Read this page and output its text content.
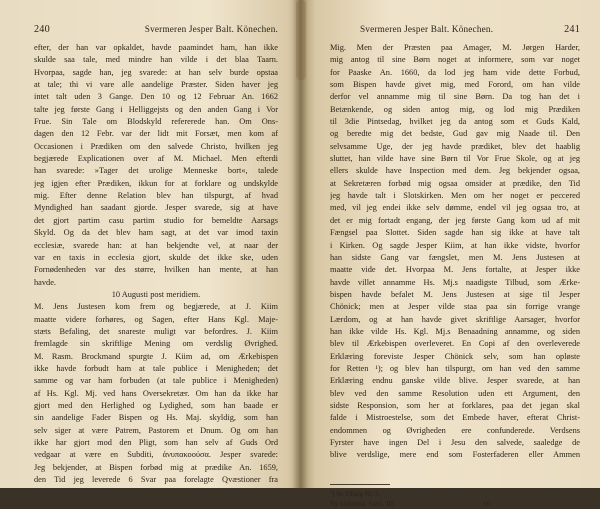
240	Svermeren Jesper Balt. Könechen.
efter, der han var opkaldet, havde paamindet ham, han ikke
skulde saa tale, med mindre han vilde i det blaa Taarn.
Hvorpaa, sagde han, jeg svarede: at han selv burde opstaa
at tale; thi vi vare alle aandelige Præster. Siden haver jeg
intet talt uden 3 Gange. Den 10 og 12 Februar An. 1662
talte jeg første Gang i Helliggejsts og den anden Gang i Vor
Frue. Sin Tale om Blodskyld refererede han. Om Ons-
dagen den 12 Febr. var der lidt mit Forsæt, men kom af
Occasionen i Prædiken om den salvede Christo, hvilken jeg
begjærede Explicationen over af M. Michael. Men efterdi
han svarede: »Tager det urolige Menneske bort«, talede
jeg igjen efter Prædiken, ikkun for at forklare og undskylde
mig. Efter denne Relation blev han tilspurgt, af hvad
Myndighed han saadant gjorde. Jesper svarede, sig at have
det gjort partim casu partim studio for bemeldte Aarsags
Skyld. Og da det blev ham sagt, at det var imod taxin
ecclesiæ, svarede han: at han bekjendte vel, at naar der
var en taxis in ecclesia gjort, skulde det ikke ske, uden
Fornødenheden var des større, hvilken han mente, at han
havde.
10 Augusti post meridiem.
M. Jens Justesen kom frem og begjærede, at J. Kiim
maatte videre forhøres, og Sagen, efter Hans Kgl. Maje-
stæts Befaling, det snareste muligt var befordres. J. Kiim
fremlagde sin skriftlige Mening om verdslig Øvrighed.
M. Rasm. Brockmand spurgte J. Kiim ad, om Ærkebispen
ikke havde forbudt ham at tale publice i Menigheden; det
samme og var ham forbuden (at tale publice i Menigheden)
af Hs. Kgl. Mj. ved hans Oversekretær. Om han da ikke har
gjort med den Herlighed og Lydighed, som han baade er
sin aandelige Fader Bispen og Hs. Maj. skyldig, som han
selv siger at være Patrem, Pastorem et Dnum. Og om han
ikke har gjort mod den Pligt, som han selv af Guds Ord
vedgaar at være en Subditi, ἀνυπακοούσα. Jesper svarede:
Jeg bekjender, at Bispen forbød mig at prædike An. 1659,
den Tid jeg leverede 6 Svar paa forelagte Qvæstioner fra
Svermeren Jesper Balt. Könechen.	241
Mig. Men der Præsten paa Amager, M. Jørgen Harder,
mig antog til sine Børn noget at informere, som var noget
for Paaske An. 1660, da lod jeg ham vide dette Forbud,
som Bispen havde givet mig, med Forord, om han vilde
derfor vel annamme mig til sine Børn. Da tog han det i
Betænkende, og siden antog mig, og lod mig Prædiken
til 3die Pintsedag, hvilket jeg da antog som et Guds Kald,
og beredte mig det bedste, Gud gav mig Naade til. Den
selvsamme Uge, der jeg havde prædiket, blev det haablig
sluttet, han vilde have sine Børn til Vor Frue Skole, og at jeg
ellers skulde have Inspection med dem. Jeg bekjender ogsaa,
at Sekretæren forbød mig ogsaa omsider at prædike, den Tid
jeg havde talt i Slotskirken. Men om her noget er peccered
med, vil jeg endei ikke selv dømme, endel vil jeg ogsaa tro, at
det er mig fortadt engang, der jeg første Gang kom ud af mit
Fængsel paa Slottet. Siden sagde han sig ikke at have talt
i Kirken. Og sagde Jesper Kiim, at han ikke vidste, hvorfor
han sidste Gang var fængslet, men M. Jens Justesen at
maatte vide det. Hvorpaa M. Jens fortalte, at Jesper ikke
havde villet annamme Hs. Mj.s naadigste Tilbud, som Ærke-
bispen havde befalet M. Jens Justesen at sige til Jesper
Chönick; men at Jesper vilde staa paa sin forrige vrange
Lærdom, og at han havde givet skriftlige Aarsager, hvorfor
han ikke vilde Hs. Kgl. Mj.s Benaadning annamme, og siden
blev til Ærkebispen overleveret. En Copi af den overleverede
Erklæring foreviste Jesper Chönick selv, som han opløste
for Retten ¹); og blev han tilspurgt, om han ved den samme
Erklæring endnu ganske vilde blive. Jesper svarede, at han
blev ved den samme Resolution uden ett Argument, den
sidste Responsion, som her at forklares, paa det jegan skal
falde i Mistroestelse, som det Embede haver, efterat Christ-
endommen og Øvrigheden ere confunderede. Verdsens
Fyrster have ingen Del i Jesu den salvede, saaledge de
blive verdslige, mere end som Fosterfaderen eller Ammen
¹) Se Tillæg Nr. 3.
Ny kirkehist. Saml. III	16
